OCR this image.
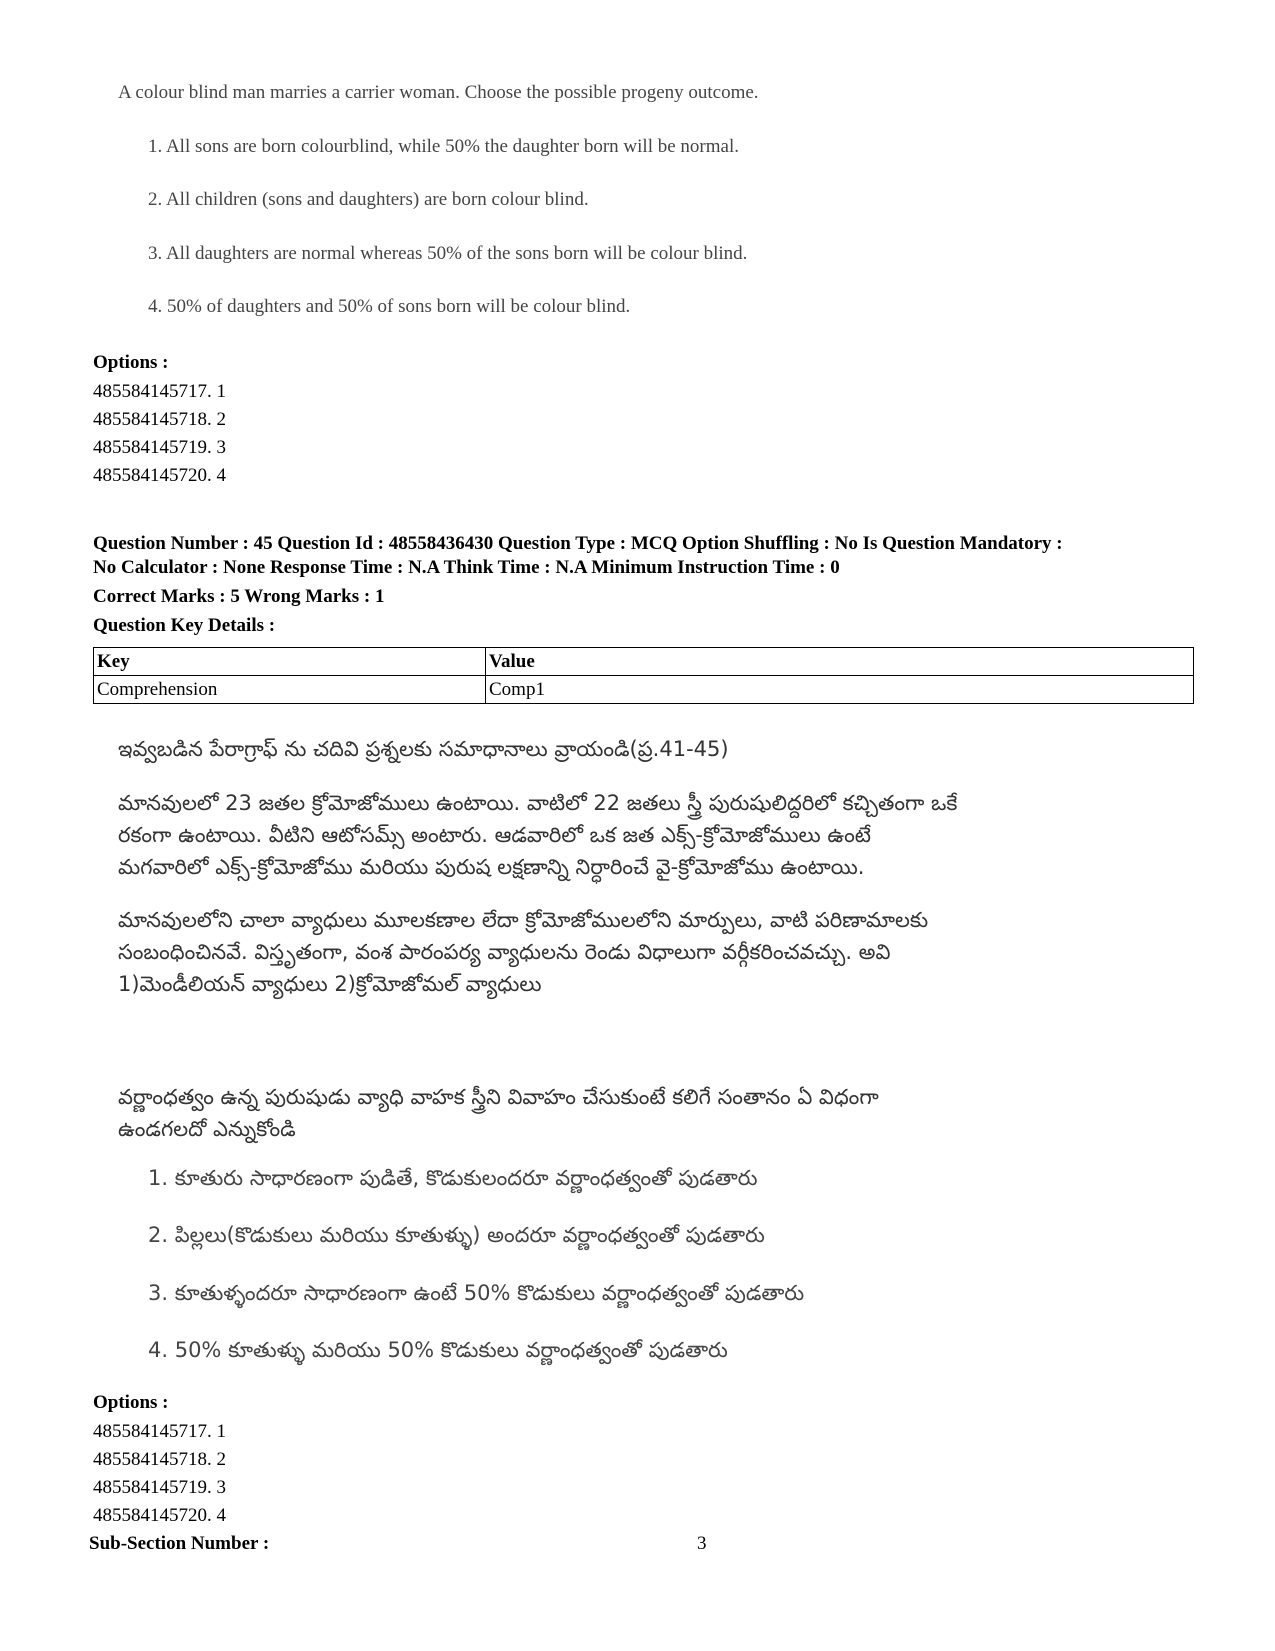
A colour blind man marries a carrier woman. Choose the possible progeny outcome.
1. All sons are born colourblind, while 50% the daughter born will be normal.
2. All children (sons and daughters) are born colour blind.
3. All daughters are normal whereas 50% of the sons born will be colour blind.
4. 50% of daughters and 50% of sons born will be colour blind.
Options :
485584145717. 1
485584145718. 2
485584145719. 3
485584145720. 4
Question Number : 45 Question Id : 48558436430 Question Type : MCQ Option Shuffling : No Is Question Mandatory :
No Calculator : None Response Time : N.A Think Time : N.A Minimum Instruction Time : 0
Correct Marks : 5 Wrong Marks : 1
Question Key Details :
Key	Value
Comprehension	Comp1
ఇవ్వబడిన పేరాగ్రాఫ్ ను చదివి ప్రశ్నలకు సమాధానాలు వ్రాయండి(ప్ర.41-45)
మానవులలో 23 జతల క్రోమోజోములు ఉంటాయి. వాటిలో 22 జతలు స్త్రీ పురుషులిద్దరిలో కచ్చితంగా ఒకే
రకంగా ఉంటాయి. వీటిని ఆటోసమ్స్ అంటారు. ఆడవారిలో ఒక జత ఎక్స్-క్రోమోజోములు ఉంటే
మగవారిలో ఎక్స్-క్రోమోజోము మరియు పురుష లక్షణాన్ని నిర్ధారించే వై-క్రోమోజోము ఉంటాయి.
మానవులలోని చాలా వ్యాధులు మూలకణాల లేదా క్రోమోజోములలోని మార్పులు, వాటి పరిణామాలకు
సంబంధించినవే. విస్తృతంగా, వంశ పారంపర్య వ్యాధులను రెండు విధాలుగా వర్గీకరించవచ్చు. అవి
1)మెండీలియన్ వ్యాధులు 2)క్రోమోజోమల్ వ్యాధులు
వర్ణాంధత్వం ఉన్న పురుషుడు వ్యాధి వాహక స్త్రీని వివాహం చేసుకుంటే కలిగే సంతానం ఏ విధంగా
ఉండగలదో ఎన్నుకోండి
1. కూతురు సాధారణంగా పుడితే, కొడుకులందరూ వర్ణాంధత్వంతో పుడతారు
2. పిల్లలు(కొడుకులు మరియు కూతుళ్ళు) అందరూ వర్ణాంధత్వంతో పుడతారు
3. కూతుళ్ళందరూ సాధారణంగా ఉంటే 50% కొడుకులు వర్ణాంధత్వంతో పుడతారు
4. 50% కూతుళ్ళు మరియు 50% కొడుకులు వర్ణాంధత్వంతో పుడతారు
Options :
485584145717. 1
485584145718. 2
485584145719. 3
485584145720. 4
Sub-Section Number :	3
